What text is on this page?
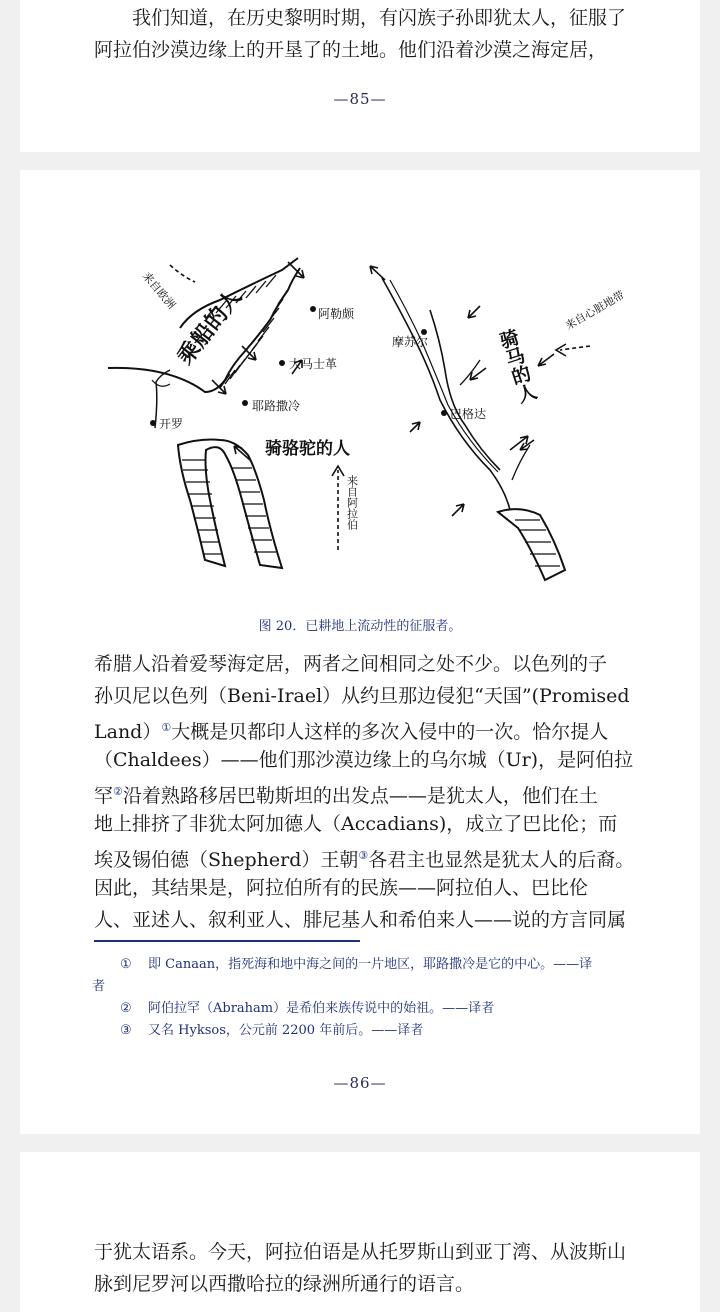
我们知道，在历史黎明时期，有闪族子孙即犹太人，征服了
阿拉伯沙漠边缘上的开垦了的土地。他们沿着沙漠之海定居，
—85—
来自欧洲
乘船的人	阿勒颇
大马士革
耶路撒冷
开罗
摩苏尔
巴格达
骑骆驼的人
来自阿拉伯
骑马的人
来自心脏地带
图 20．已耕地上流动性的征服者。
希腊人沿着爱琴海定居，两者之间相同之处不少。以色列的子
孙贝尼以色列（Beni-Irael）从约旦那边侵犯“天国”(Promised
Land）①大概是贝都印人这样的多次入侵中的一次。恰尔提人
（Chaldees）——他们那沙漠边缘上的乌尔城（Ur)，是阿伯拉
罕②沿着熟路移居巴勒斯坦的出发点——是犹太人，他们在土
地上排挤了非犹太阿加德人（Accadians)，成立了巴比伦；而
埃及锡伯德（Shepherd）王朝③各君主也显然是犹太人的后裔。
因此，其结果是，阿拉伯所有的民族——阿拉伯人、巴比伦
人、亚述人、叙利亚人、腓尼基人和希伯来人——说的方言同属

① 即 Canaan，指死海和地中海之间的一片地区，耶路撒冷是它的中心。——译

者

② 阿伯拉罕（Abraham）是希伯来族传说中的始祖。——译者

③ 又名 Hyksos，公元前 2200 年前后。——译者

—86—
于犹太语系。今天，阿拉伯语是从托罗斯山到亚丁湾、从波斯山
脉到尼罗河以西撒哈拉的绿洲所通行的语言。
